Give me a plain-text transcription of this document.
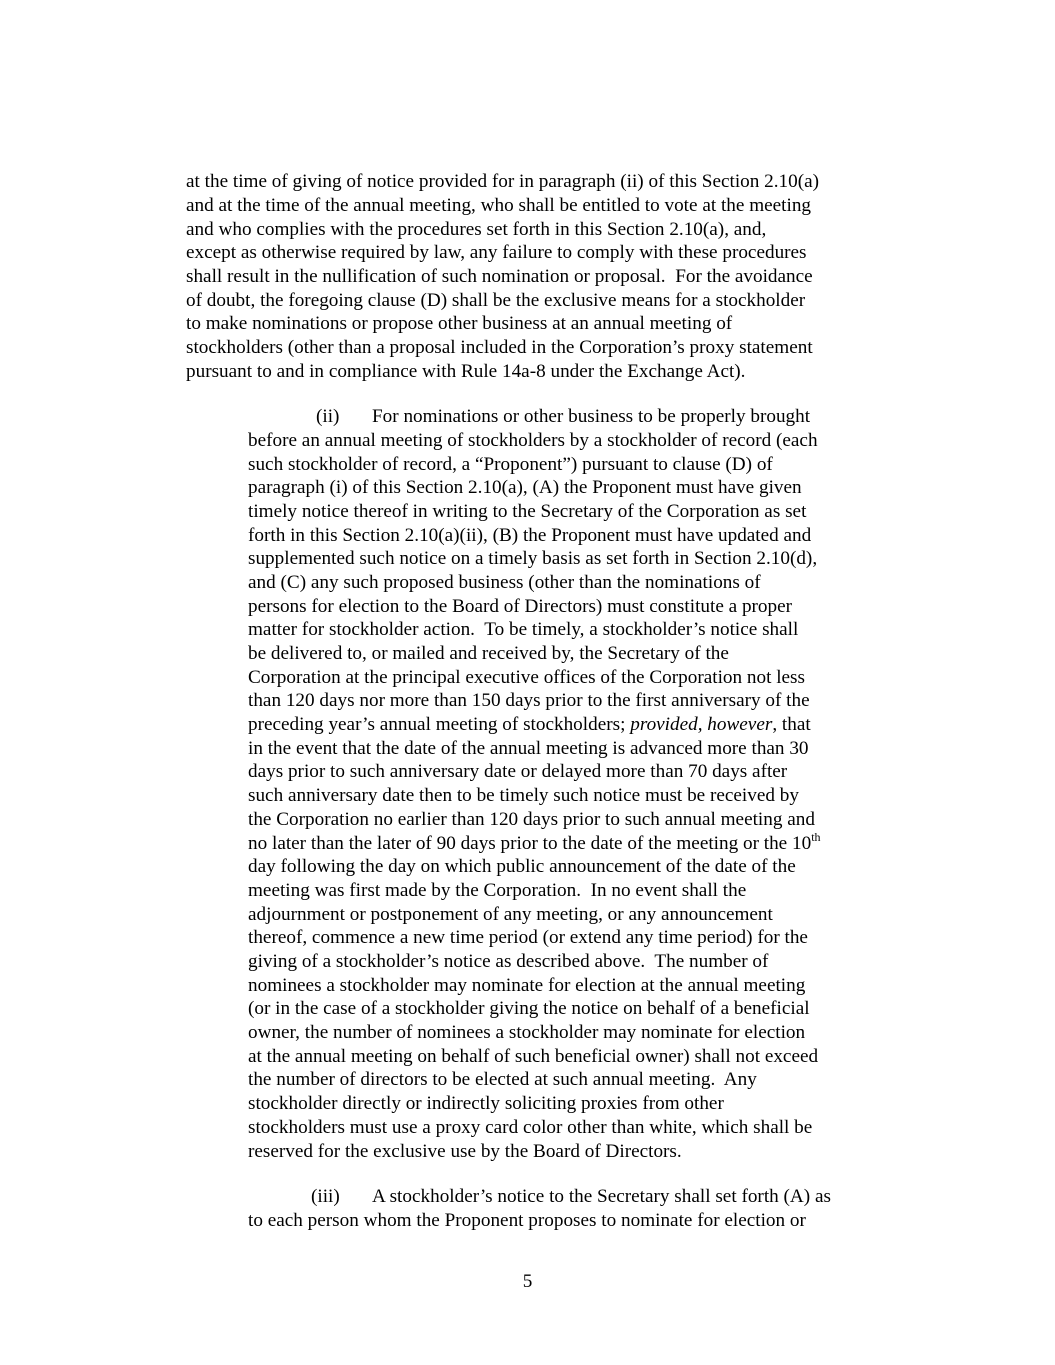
at the time of giving of notice provided for in paragraph (ii) of this Section 2.10(a)
and at the time of the annual meeting, who shall be entitled to vote at the meeting
and who complies with the procedures set forth in this Section 2.10(a), and,
except as otherwise required by law, any failure to comply with these procedures
shall result in the nullification of such nomination or proposal.  For the avoidance
of doubt, the foregoing clause (D) shall be the exclusive means for a stockholder
to make nominations or propose other business at an annual meeting of
stockholders (other than a proposal included in the Corporation’s proxy statement
pursuant to and in compliance with Rule 14a-8 under the Exchange Act).
(ii) For nominations or other business to be properly brought
before an annual meeting of stockholders by a stockholder of record (each
such stockholder of record, a “Proponent”) pursuant to clause (D) of
paragraph (i) of this Section 2.10(a), (A) the Proponent must have given
timely notice thereof in writing to the Secretary of the Corporation as set
forth in this Section 2.10(a)(ii), (B) the Proponent must have updated and
supplemented such notice on a timely basis as set forth in Section 2.10(d),
and (C) any such proposed business (other than the nominations of
persons for election to the Board of Directors) must constitute a proper
matter for stockholder action.  To be timely, a stockholder’s notice shall
be delivered to, or mailed and received by, the Secretary of the
Corporation at the principal executive offices of the Corporation not less
than 120 days nor more than 150 days prior to the first anniversary of the
preceding year’s annual meeting of stockholders; provided, however, that
in the event that the date of the annual meeting is advanced more than 30
days prior to such anniversary date or delayed more than 70 days after
such anniversary date then to be timely such notice must be received by
the Corporation no earlier than 120 days prior to such annual meeting and
no later than the later of 90 days prior to the date of the meeting or the 10th
day following the day on which public announcement of the date of the
meeting was first made by the Corporation.  In no event shall the
adjournment or postponement of any meeting, or any announcement
thereof, commence a new time period (or extend any time period) for the
giving of a stockholder’s notice as described above.  The number of
nominees a stockholder may nominate for election at the annual meeting
(or in the case of a stockholder giving the notice on behalf of a beneficial
owner, the number of nominees a stockholder may nominate for election
at the annual meeting on behalf of such beneficial owner) shall not exceed
the number of directors to be elected at such annual meeting.  Any
stockholder directly or indirectly soliciting proxies from other
stockholders must use a proxy card color other than white, which shall be
reserved for the exclusive use by the Board of Directors.
(iii) A stockholder’s notice to the Secretary shall set forth (A) as
to each person whom the Proponent proposes to nominate for election or
5
